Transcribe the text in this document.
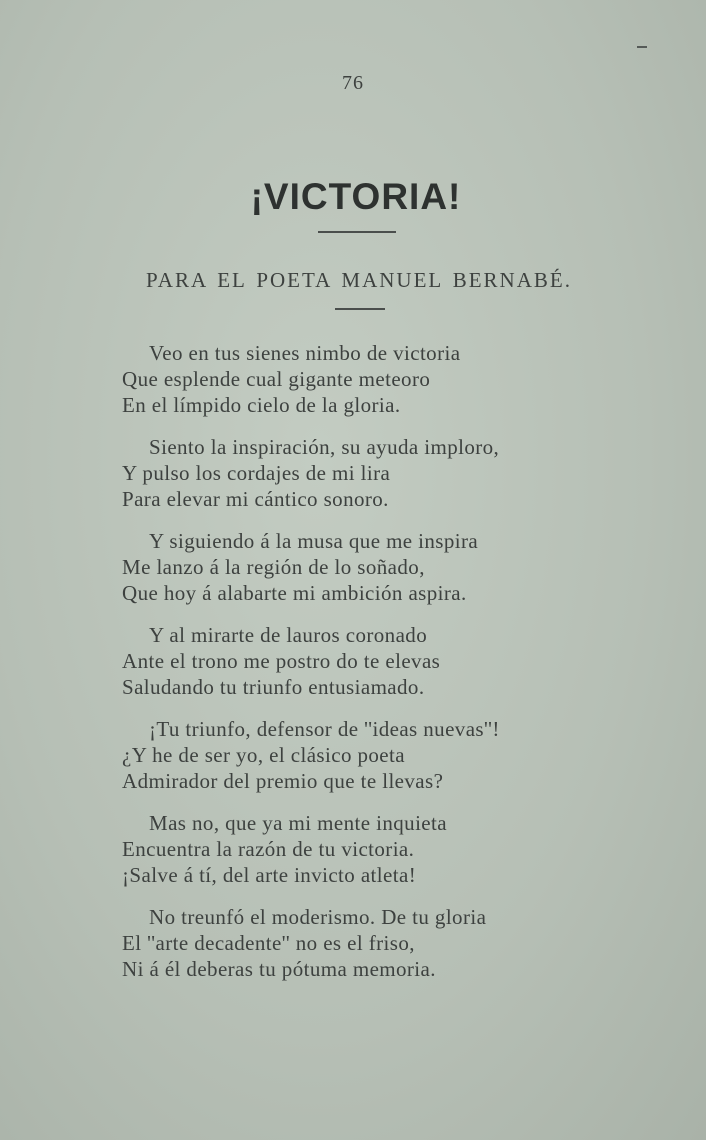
76
¡VICTORIA!
PARA EL POETA MANUEL BERNABÉ.
Veo en tus sienes nimbo de victoria
Que esplende cual gigante meteoro
En el límpido cielo de la gloria.
Siento la inspiración, su ayuda imploro,
Y pulso los cordajes de mi lira
Para elevar mi cántico sonoro.
Y siguiendo á la musa que me inspira
Me lanzo á la región de lo soñado,
Que hoy á alabarte mi ambición aspira.
Y al mirarte de lauros coronado
Ante el trono me postro do te elevas
Saludando tu triunfo entusiamado.
¡Tu triunfo, defensor de ''ideas nuevas''!
¿Y he de ser yo, el clásico poeta
Admirador del premio que te llevas?
Mas no, que ya mi mente inquieta
Encuentra la razón de tu victoria.
¡Salve á tí, del arte invicto atleta!
No treunfó el moderismo. De tu gloria
El ''arte decadente'' no es el friso,
Ni á él deberas tu pótuma memoria.
